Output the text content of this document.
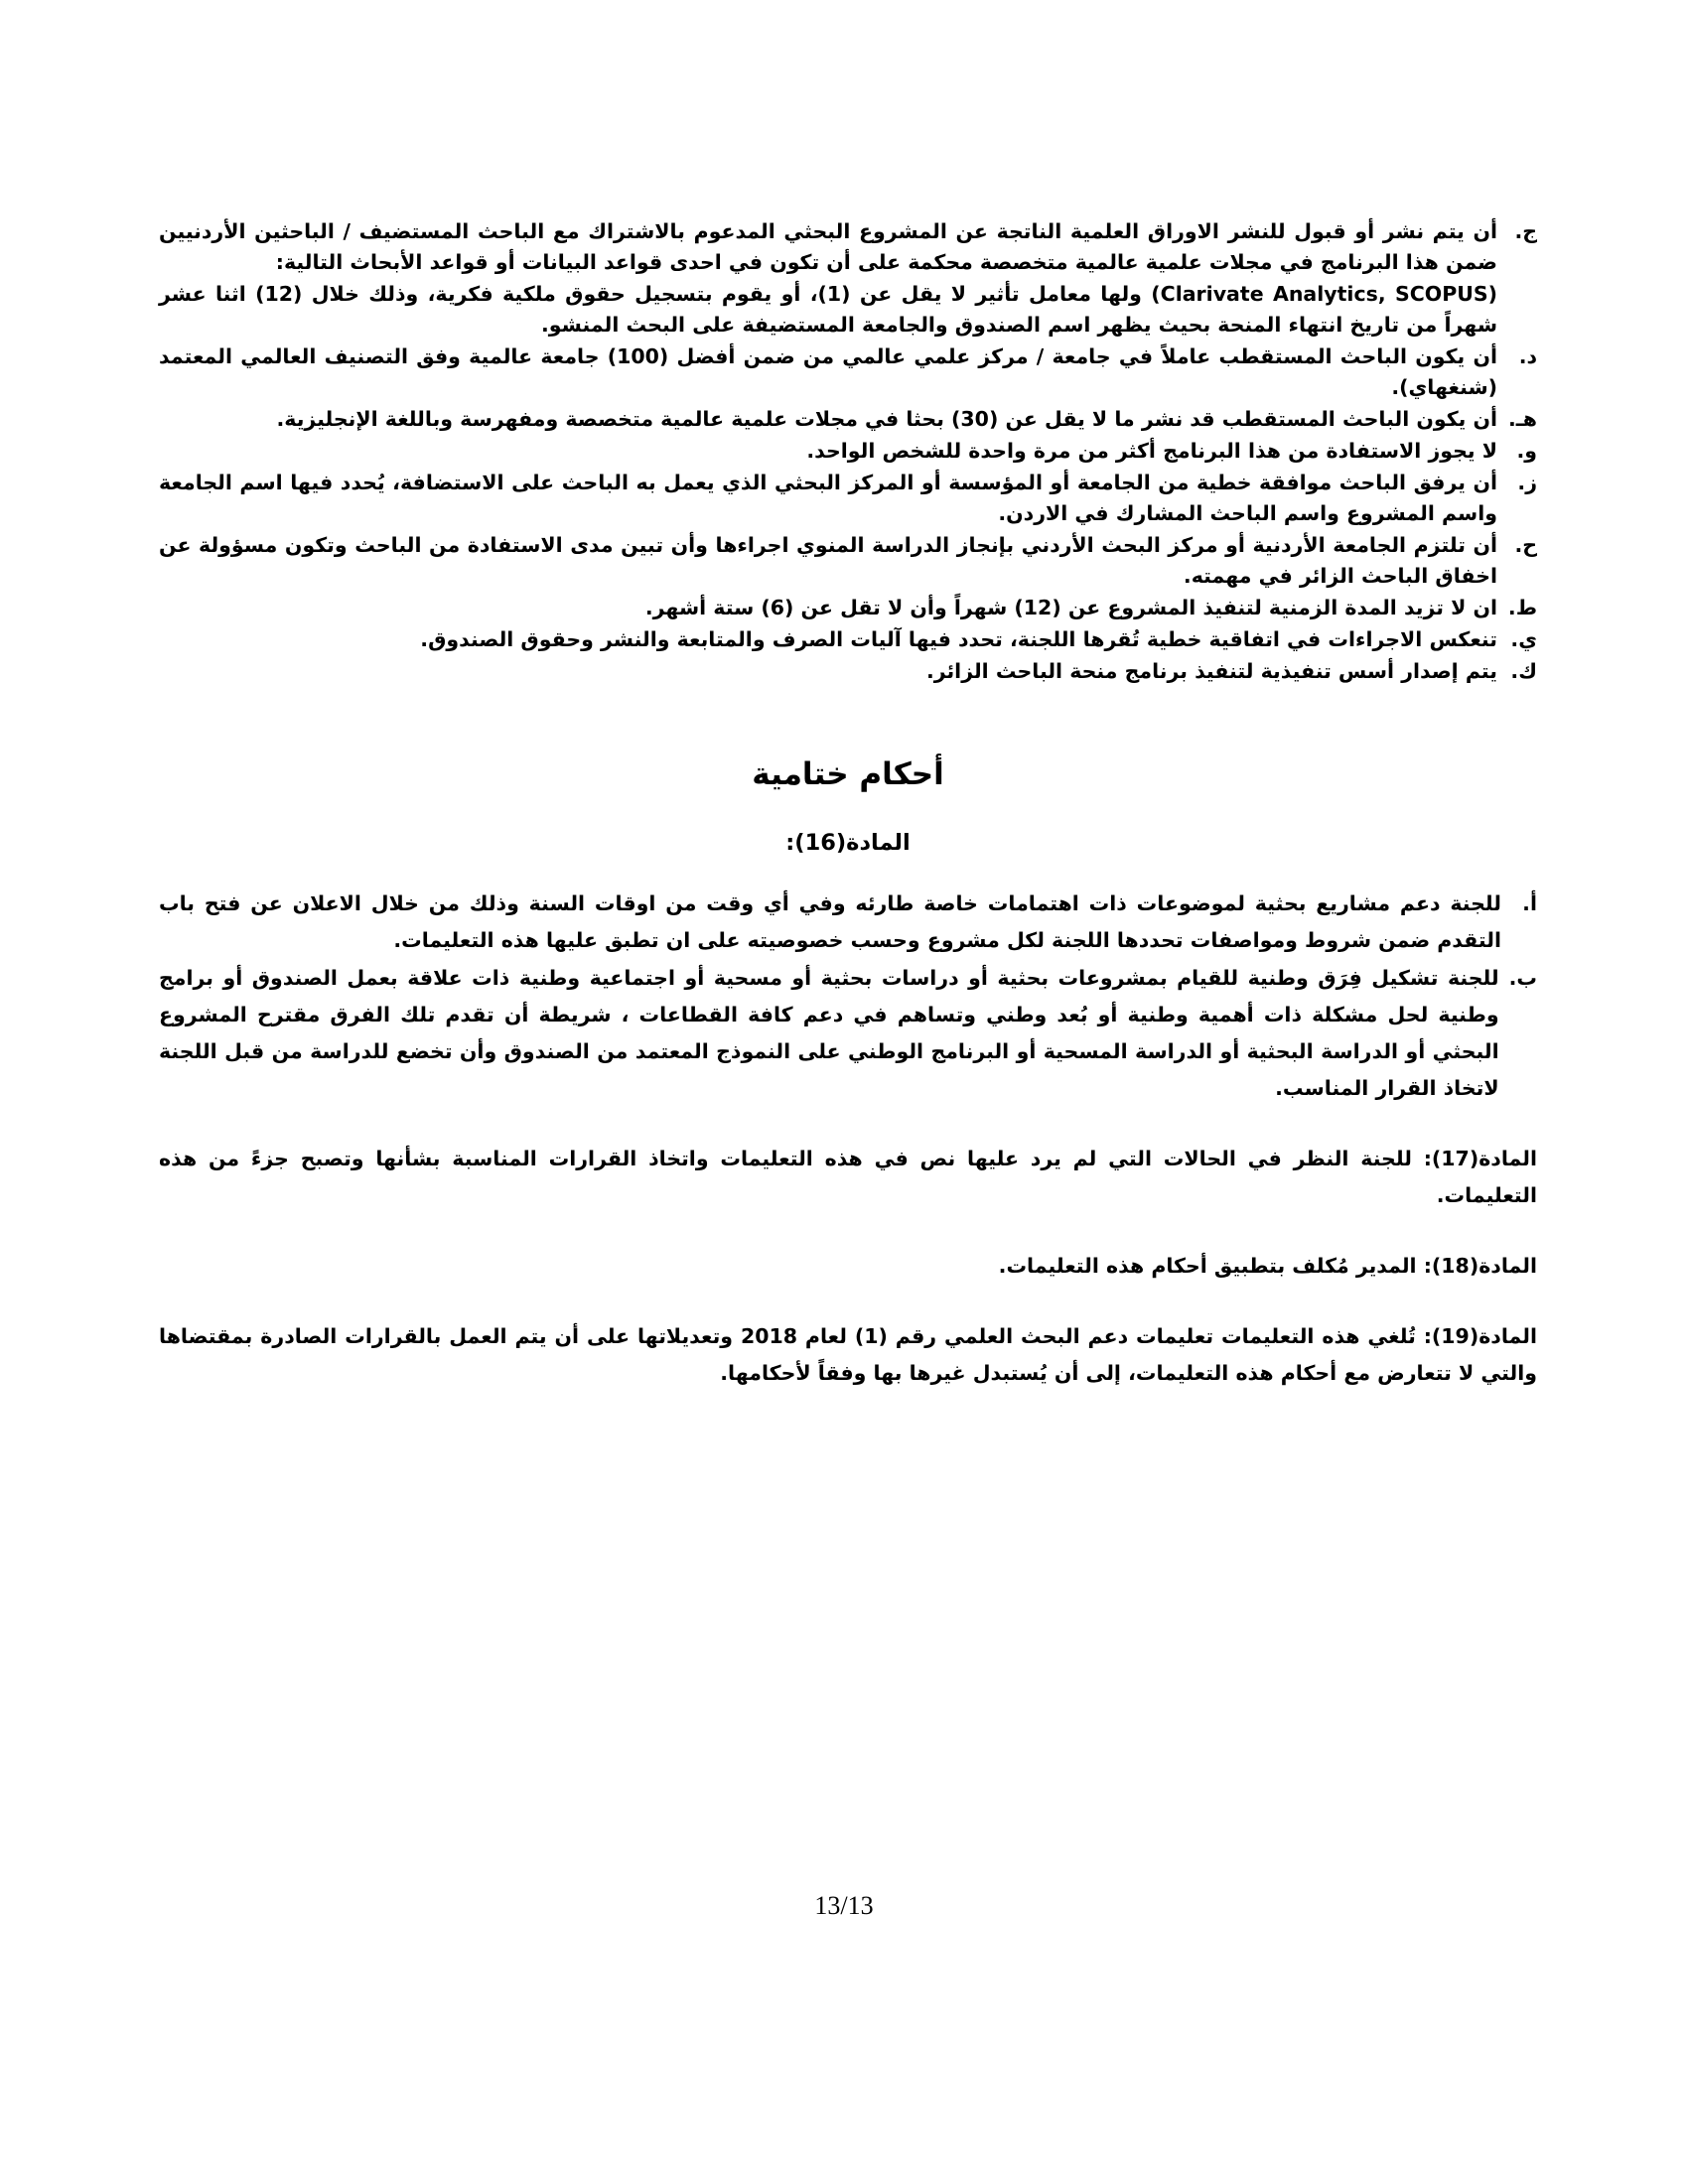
ج.
أن يتم نشر أو قبول للنشر الاوراق العلمية الناتجة عن المشروع البحثي المدعوم بالاشتراك مع الباحث المستضيف / الباحثين الأردنيين ضمن هذا البرنامج في مجلات علمية عالمية متخصصة محكمة على أن تكون في احدى قواعد البيانات أو قواعد الأبحاث التالية:
(Clarivate Analytics, SCOPUS) ولها معامل تأثير لا يقل عن (1)، أو يقوم بتسجيل حقوق ملكية فكرية، وذلك خلال (12) اثنا عشر شهراً من تاريخ انتهاء المنحة بحيث يظهر اسم الصندوق والجامعة المستضيفة على البحث المنشو.
د.
أن يكون الباحث المستقطب عاملاً في جامعة / مركز علمي عالمي من ضمن أفضل (100) جامعة عالمية وفق التصنيف العالمي المعتمد (شنغهاي).
هـ.
أن يكون الباحث المستقطب قد نشر ما لا يقل عن (30) بحثا في مجلات علمية عالمية متخصصة ومفهرسة وباللغة الإنجليزية.
و.
لا يجوز الاستفادة من هذا البرنامج أكثر من مرة واحدة للشخص الواحد.
ز.
أن يرفق الباحث موافقة خطية من الجامعة أو المؤسسة أو المركز البحثي الذي يعمل به الباحث على الاستضافة، يُحدد فيها اسم الجامعة واسم المشروع واسم الباحث المشارك في الاردن.
ح.
أن تلتزم الجامعة الأردنية أو مركز البحث الأردني بإنجاز الدراسة المنوي اجراءها وأن تبين مدى الاستفادة من الباحث وتكون مسؤولة عن اخفاق الباحث الزائر في مهمته.
ط.
ان لا تزيد المدة الزمنية لتنفيذ المشروع عن (12) شهراً وأن لا تقل عن (6) ستة أشهر.
ي.
تنعكس الاجراءات في اتفاقية خطية تُقرها اللجنة، تحدد فيها آليات الصرف والمتابعة والنشر وحقوق الصندوق.
ك.
يتم إصدار أسس تنفيذية لتنفيذ برنامج منحة الباحث الزائر.
أحكام ختامية
المادة(16):
أ.
للجنة دعم مشاريع بحثية لموضوعات ذات اهتمامات خاصة طارئه وفي أي وقت من اوقات السنة وذلك من خلال الاعلان عن فتح باب التقدم ضمن شروط ومواصفات تحددها اللجنة لكل مشروع وحسب خصوصيته على ان تطبق عليها هذه التعليمات.
ب.
للجنة تشكيل فِرَق وطنية للقيام بمشروعات بحثية أو دراسات بحثية أو مسحية أو اجتماعية وطنية ذات علاقة بعمل الصندوق أو برامج وطنية لحل مشكلة ذات أهمية وطنية أو بُعد وطني وتساهم في دعم كافة القطاعات ، شريطة أن تقدم تلك الفرق مقترح المشروع البحثي أو الدراسة البحثية أو الدراسة المسحية أو البرنامج الوطني على النموذج المعتمد من الصندوق وأن تخضع للدراسة من قبل اللجنة لاتخاذ القرار المناسب.
المادة(17): للجنة النظر في الحالات التي لم يرد عليها نص في هذه التعليمات واتخاذ القرارات المناسبة بشأنها وتصبح جزءً من هذه التعليمات.
المادة(18): المدير مُكلف بتطبيق أحكام هذه التعليمات.
المادة(19): تُلغي هذه التعليمات تعليمات دعم البحث العلمي رقم (1) لعام 2018 وتعديلاتها على أن يتم العمل بالقرارات الصادرة بمقتضاها والتي لا تتعارض مع أحكام هذه التعليمات، إلى أن يُستبدل غيرها بها وفقاً لأحكامها.
13/13
